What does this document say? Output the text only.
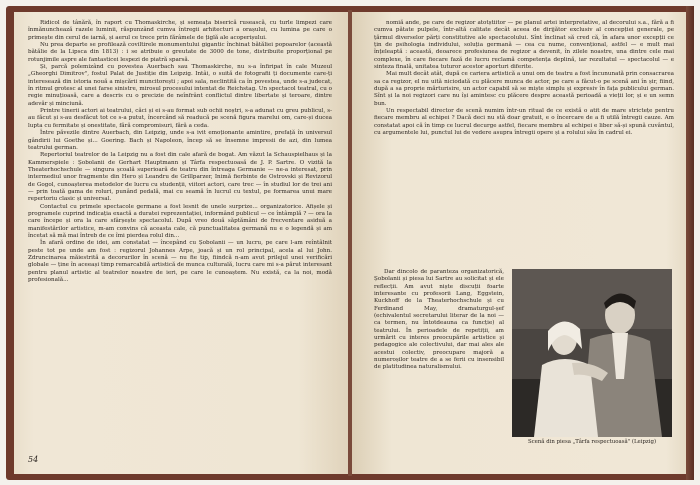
Ridicol de tânără, în raport cu Thomaskirche, și semeața biserică rusească, cu turle limpezi care înmănunchează razele luminii, răspunzând cumva întregii arhitecturi a orașului, cu lumina pe care o primește din cerul de iarnă, și aerul ce trece prin fărâmele de țiglă ale acoperișului.

Nu prea departe se profilează coviltirele monumentului gigantic închinat bătăliei popoarelor (această bătălie de la Lipsca din 1813) : i se atribuie o greutate de 3000 de tone, distribuite proporțional pe rotunjimile aspre ale fantasticei lespezi de piatră sparsă.

Și, parcă polemizând cu povestea Auerbach sau Thomaskirche, nu s-a înfiripat în cale Muzeul „Gheorghi Dimitrov", fostul Palat de Justiție din Leipzig. Intâi, o suită de fotografii ți documente care-ți interesează din istoria nouă a mișcării muncitorești ; apoi sala, neclintită ca în povestea, unde s-a judecat, în ritmul grotesc al unei farse sinistre, mirosul procesului intentat de Reichstag. Un spectacol teatral, cu o regie minuțioasă, care a descris cu o precizie de neînfrânt conflictul dintre libertate și teroare, dintre adevăr și minciună.

Printre tinerii actori ai teatrului, căci și ei s-au format sub ochii noștri, s-a adunat cu greu publicul, s-au făcut și s-au desfăcut tot ce s-a putut, încercând să readucă pe scenă figura marelui om, care-și ducea lupta cu fermitate și onestitate, fără compromisuri, fără a ceda.

Între păvezile dintre Auerbach, din Leipzig, unde s-a ivit emoționante amintire, prefață în universul gândirii lui Goethe și... Goering. Bach și Napoleon, încep să se însemne impresii de azi, din lumea teatrului german.

Repertoriul teatrelor de la Leipzig nu a fost din cale afară de bogat. Am văzut la Schauspielhaus și la Kammerspiele : Șobolanii de Gerhart Hauptmann și Târfa respectuoasă de J. P. Sartre. O vizită la Theaterhochschule — singura școală superioară de teatru din întreaga Germanie — ne-a interesat, prin intermediul unor fragmente din Hero și Leandru de Grillparzer, Inimă fierbinte de Ostrovski și Revizorul de Gogol, cunoașterea metodelor de lucru cu studenții, viitori actori, care trec — în studiul lor de trei ani — prin toată gama de roluri, punând pedală, mai cu seamă în lucrul cu textul, pe formarea unui mare repertoriu clasic și universal.

Contactul cu primele spectacole germane a fost lesnit de unele surprize... organizatorice. Afișele și programele cuprind indicația exactă a duratei reprezentației, informând publicul — ce întâmplă ? — ora la care începe și ora la care sfârșește spectacolul. După vreo două săptămâni de frecventare asiduă a manifestărilor artistice, m-am convins că aceasta cale, că punctualitatea germană nu e o legendă și am încetat să mă mai întreb de ce îmi pierdea rolul din...

În afară ordine de idei, am constatat — începând cu Șobolanii — un lucru, pe care l-am reîntâlnit peste tot pe unde am fost : regizorul Johannes Arpe, joacă și un rol principal, acela al lui John. Zdruncinarea măiestrită a decorurilor în scenă — nu fie tip, fiindcă n-am avut prilejul unei verificări globale — ține în aceeași timp remarcabilă artistică de munca culturală, lucru care mi s-a părut interesant pentru planul artistic al teatrelor noastre de ieri, pe care le cunoaștem. Nu există, ca la noi, modă profesională...

54

nomiă ande, pe care de regizor atotștiitor — pe planul artei interpretative, al decorului s.a., fără a fi cumva pătate pulpele, într-altă calitate decât aceea de dirijător exclusiv al concepției generale, pe țărmul diverselor părți constitutive ale spectacolului. Sînt înclinat să cred că, în afara unor excepții ce țin de psihologia individului, soluția germană — cea cu nume, convențional, astfel — e mult mai înțeleaptă : această, deoarece profesiunea de regizor a devenit, în zilele noastre, una dintre cele mai complexe, în care fiecare fază de lucru reclamă competența deplină, iar rezultatul — spectacolul — e sinteza finală, unitatea tuturor acestor aporturi diferite.

Mai mult decât atât, după ce cariera artistică a unui om de teatru a fost încununată prin consacrarea sa ca regizor, el nu uită niciodată cu plăcere munca de actor, pe care a făcut-o pe scenă ani în șir, fiind, după a sa proprie mărturisire, un actor capabil să se miște simplu și expresiv în fața publicului german. Sînt și la noi regizori care nu își amintesc cu plăcere despre această perioadă a vieții lor, și e un semn bun.

Un respectabil director de scenă numim într-un ritual de ce există o atit de mare strictețe pentru fiecare membru al echipei ? Dacă deci nu stă doar gratuit, e o încercare de a fi utilă întregii cauze. Am constatat apoi că în timp ce lucrul decurge astfel, fiecare membru al echipei e liber să-și spună cuvântul, cu argumentele lui, punctul lui de vedere asupra întregii opere și a rolului său în cadrul ei.

Dar dincolo de paranteza organizatorică, Șobolanii și piesa lui Sartre au solicitat și ele reflecții. Am avut niște discuții foarte interesante cu profesorii Lang, Eggstein, Kuckhoff de la Theaterhochschule și cu Ferdinand May, dramaturgul-șef (echivalentul secretarului literar de la noi — ca termen, nu întotdeauna ca funcție) al teatrului. În perioadele de repetiții, am urmărit cu interes preocupările artistice și pedagogice ale colectivului, dar mai ales ale acestui colectiv, preocupare majoră a numeroșilor teatre de a se ferii cu insensibil de platitudinea naturalismului.

Scenă din piesa „Târfa respectuoasă" (Leipzig)
